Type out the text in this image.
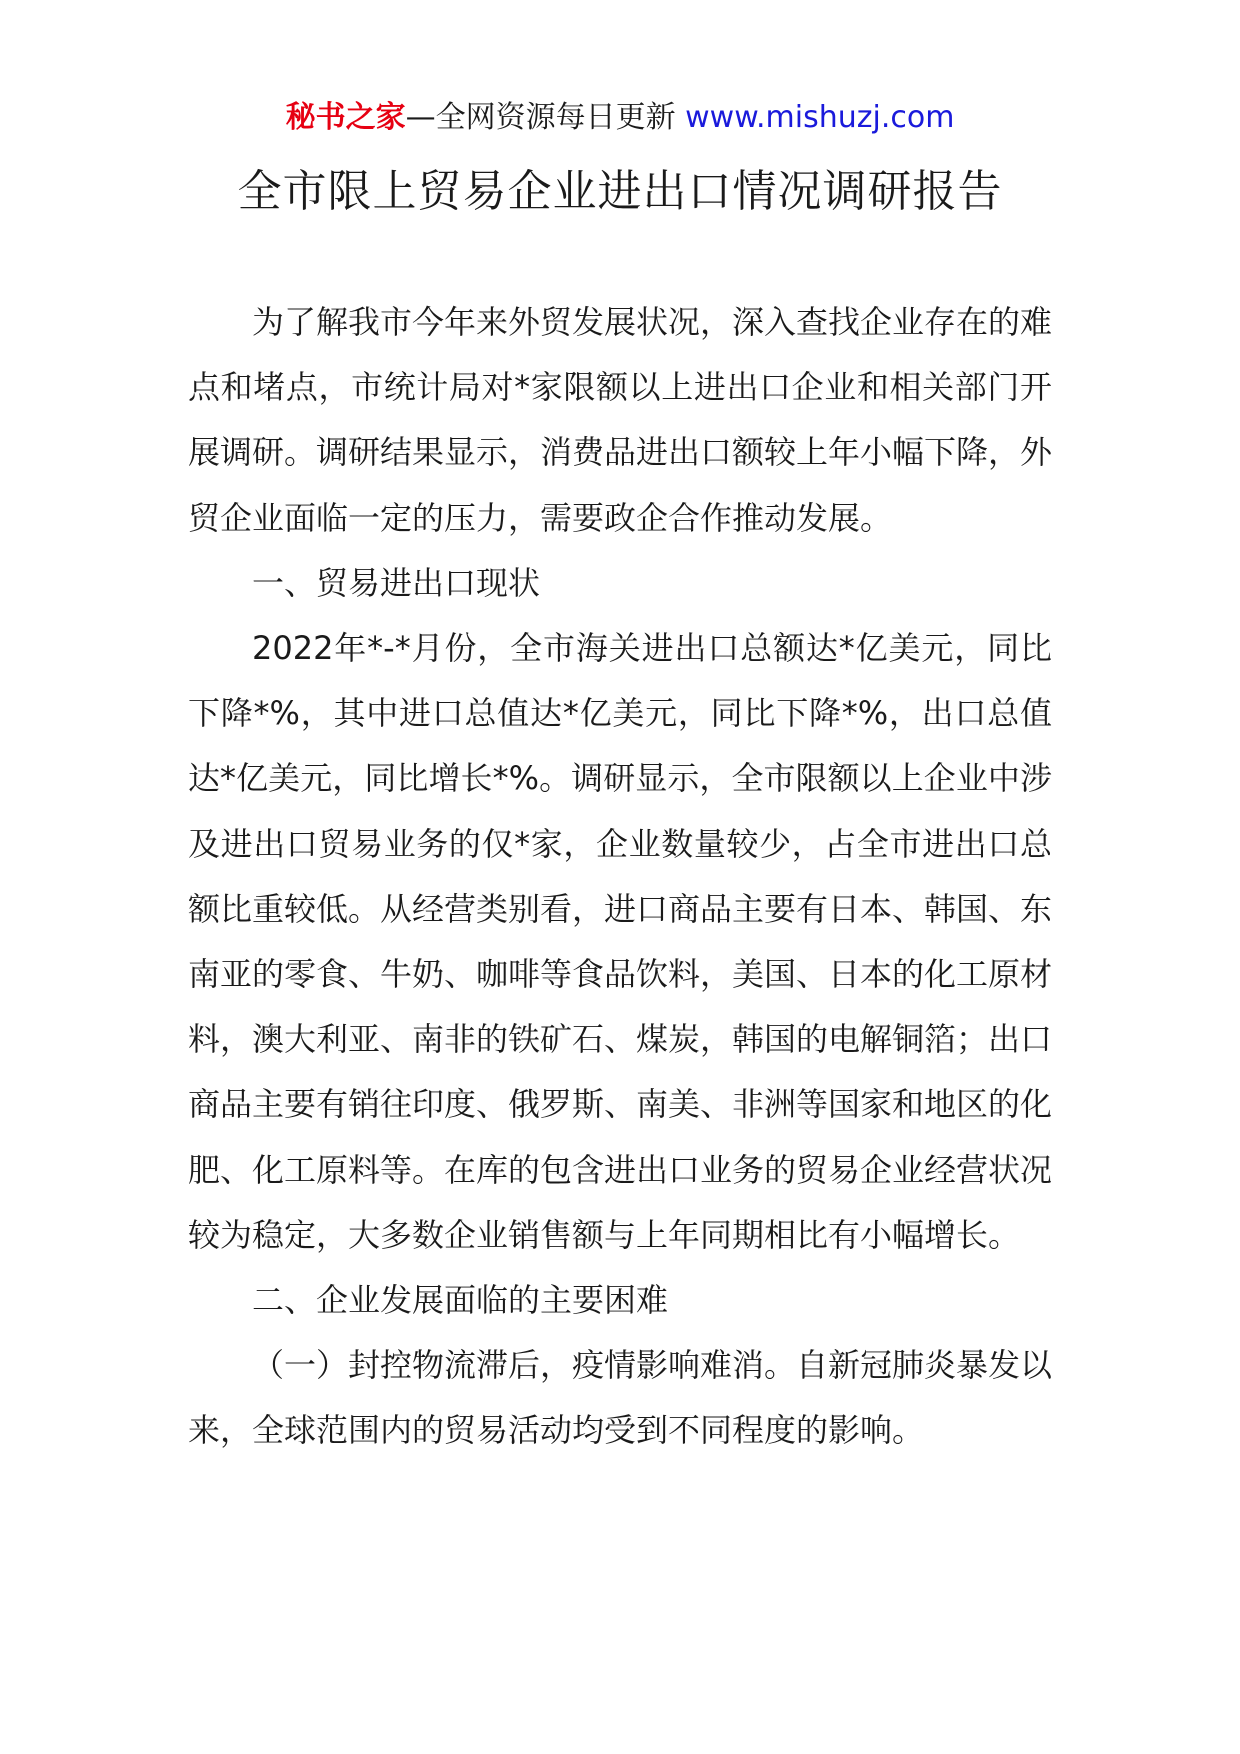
秘书之家—全网资源每日更新 www.mishuzj.com
全市限上贸易企业进出口情况调研报告

为了解我市今年来外贸发展状况，深入查找企业存在的难点和堵点，市统计局对*家限额以上进出口企业和相关部门开展调研。调研结果显示，消费品进出口额较上年小幅下降，外贸企业面临一定的压力，需要政企合作推动发展。

一、贸易进出口现状

2022年*-*月份，全市海关进出口总额达*亿美元，同比下降*%，其中进口总值达*亿美元，同比下降*%，出口总值达*亿美元，同比增长*%。调研显示，全市限额以上企业中涉及进出口贸易业务的仅*家，企业数量较少，占全市进出口总额比重较低。从经营类别看，进口商品主要有日本、韩国、东南亚的零食、牛奶、咖啡等食品饮料，美国、日本的化工原材料，澳大利亚、南非的铁矿石、煤炭，韩国的电解铜箔；出口商品主要有销往印度、俄罗斯、南美、非洲等国家和地区的化肥、化工原料等。在库的包含进出口业务的贸易企业经营状况较为稳定，大多数企业销售额与上年同期相比有小幅增长。

二、企业发展面临的主要困难

（一）封控物流滞后，疫情影响难消。自新冠肺炎暴发以来，全球范围内的贸易活动均受到不同程度的影响。
